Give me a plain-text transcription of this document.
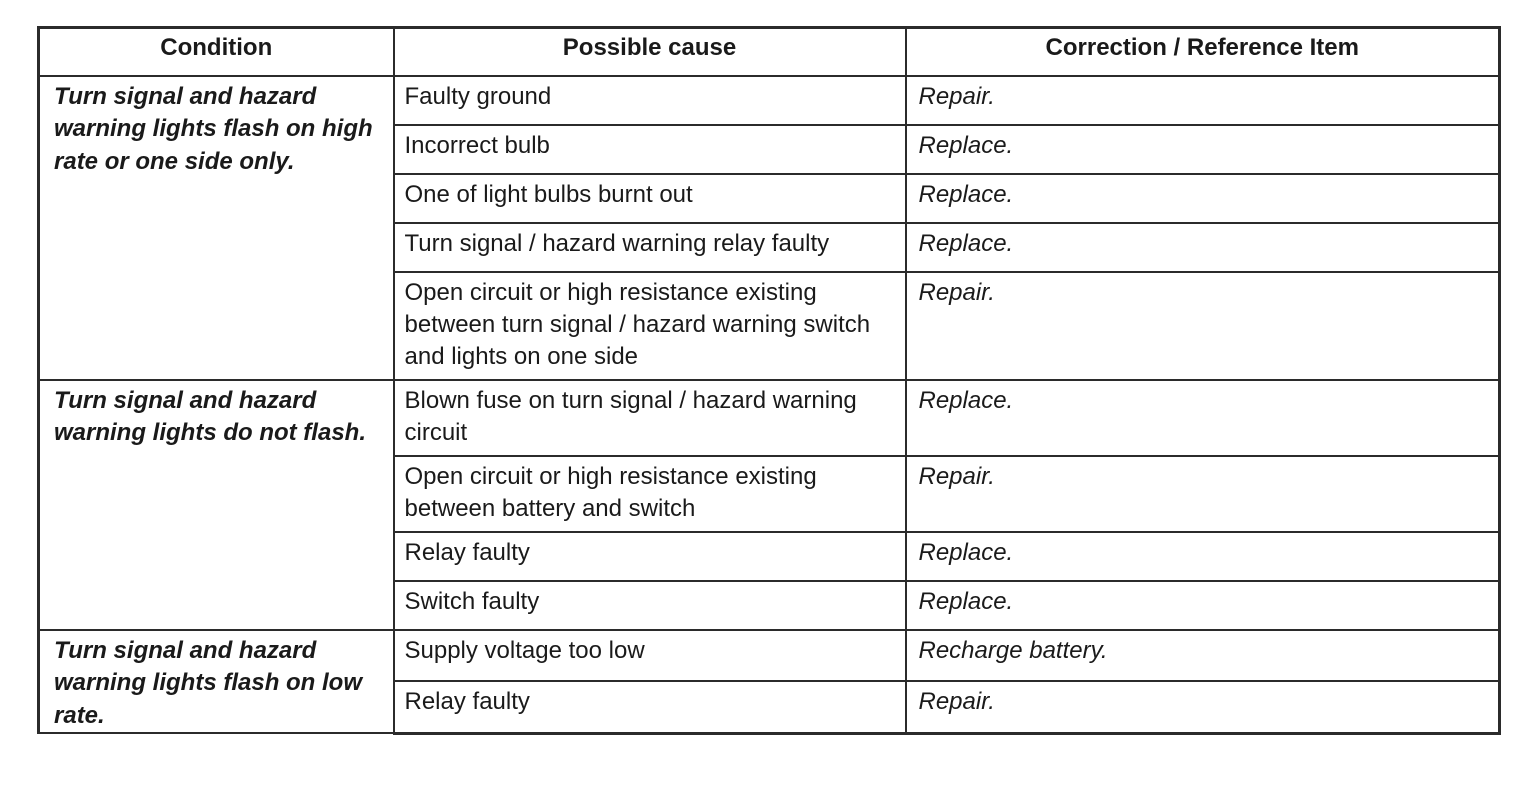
Condition	Possible cause	Correction / Reference Item
Turn signal and hazard warning lights flash on high rate or one side only.	Faulty ground	Repair.
	Incorrect bulb	Replace.
	One of light bulbs burnt out	Replace.
	Turn signal / hazard warning relay faulty	Replace.
	Open circuit or high resistance existing between turn signal / hazard warning switch and lights on one side	Repair.
Turn signal and hazard warning lights do not flash.	Blown fuse on turn signal / hazard warning circuit	Replace.
	Open circuit or high resistance existing between battery and switch	Repair.
	Relay faulty	Replace.
	Switch faulty	Replace.
Turn signal and hazard warning lights flash on low rate.	Supply voltage too low	Recharge battery.
	Relay faulty	Repair.
